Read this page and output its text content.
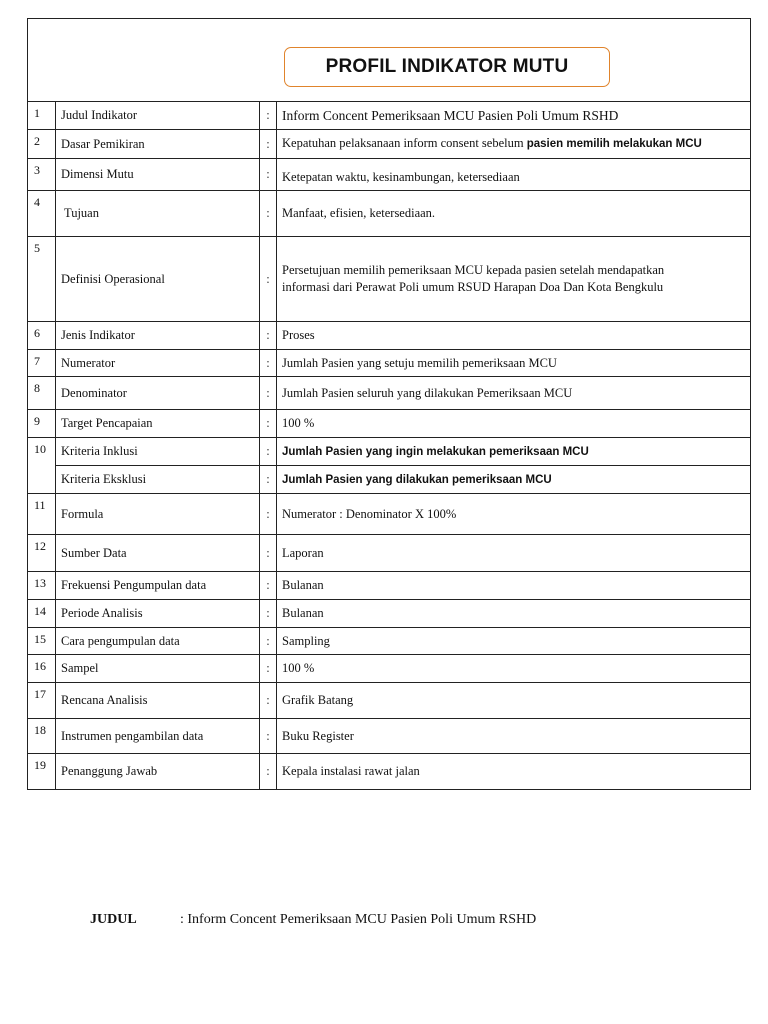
1	Judul Indikator	:	Inform Concent Pemeriksaan MCU Pasien Poli Umum RSHD
2	Dasar Pemikiran	:	Kepatuhan pelaksanaan inform consent sebelum pasien memilih melakukan MCU
3	Dimensi Mutu	:	Ketepatan waktu, kesinambungan, ketersediaan
4	Tujuan	:	Manfaat, efisien, ketersediaan.
5	Definisi Operasional	:	Persetujuan memilih pemeriksaan MCU kepada pasien setelah mendapatkan
informasi dari Perawat Poli umum RSUD Harapan Doa Dan Kota Bengkulu

6	Jenis Indikator	:	Proses
7	Numerator	:	Jumlah Pasien yang setuju memilih pemeriksaan MCU
8	Denominator	:	Jumlah Pasien seluruh yang dilakukan Pemeriksaan MCU
9	Target Pencapaian	:	100 %
10	Kriteria Inklusi	:	Jumlah Pasien yang ingin melakukan pemeriksaan MCU
	Kriteria Eksklusi	:	Jumlah Pasien yang dilakukan pemeriksaan MCU
11	Formula	:	Numerator : Denominator X 100%
12	Sumber Data	:	Laporan
13	Frekuensi Pengumpulan data	:	Bulanan
14	Periode Analisis	:	Bulanan
15	Cara pengumpulan data	:	Sampling
16	Sampel	:	100 %
17	Rencana Analisis	:	Grafik Batang
18	Instrumen pengambilan data	:	Buku Register
19	Penanggung Jawab	:	Kepala instalasi rawat jalan
PROFIL INDIKATOR MUTU
JUDUL	: Inform Concent Pemeriksaan MCU Pasien Poli Umum RSHD
